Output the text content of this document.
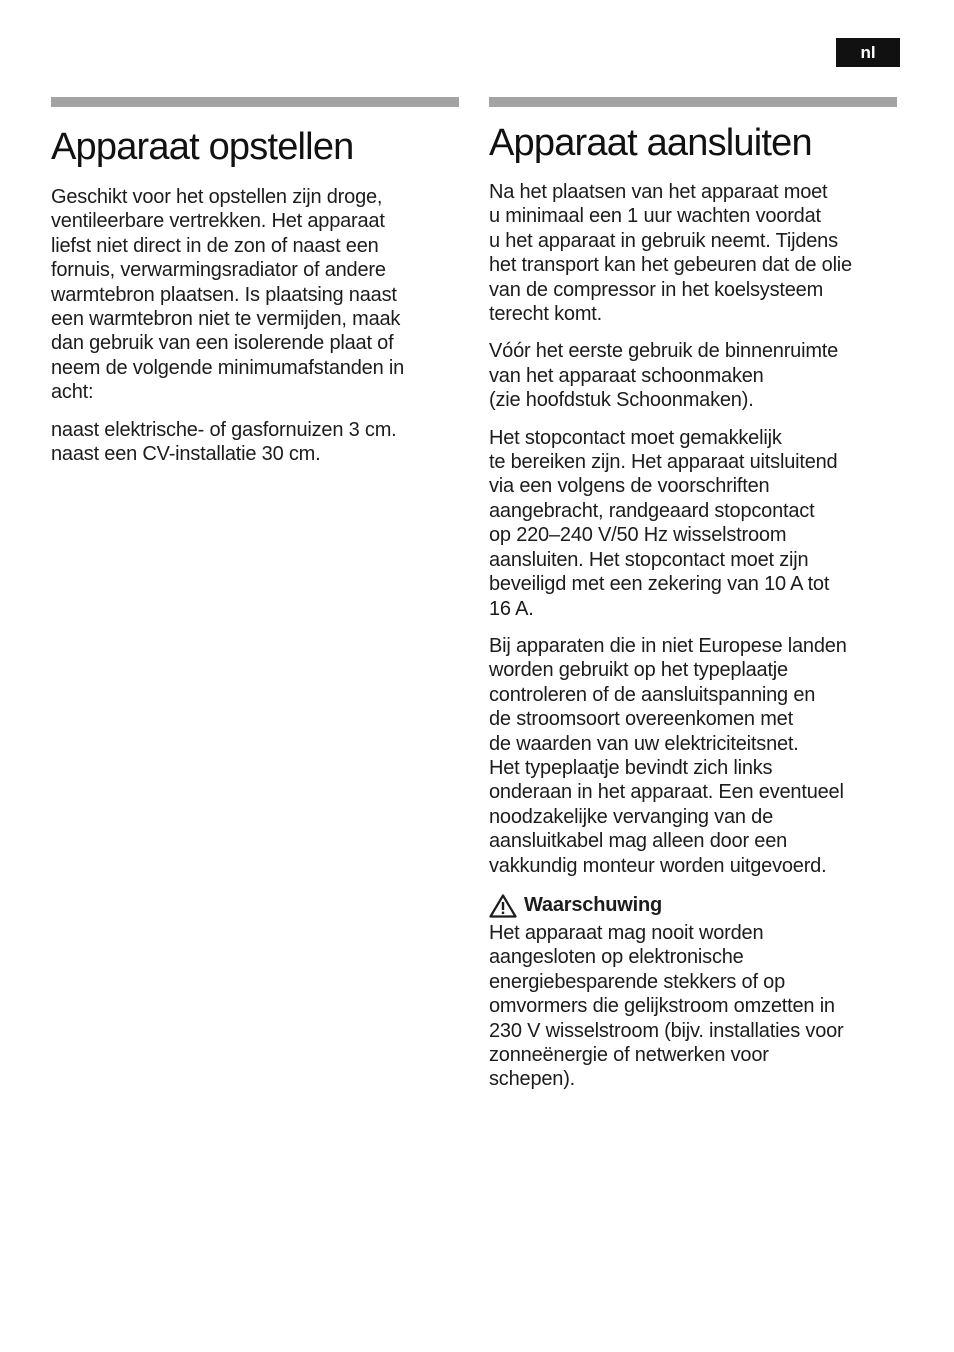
nl
Apparaat opstellen

Geschikt voor het opstellen zijn droge,
ventileerbare vertrekken. Het apparaat
liefst niet direct in de zon of naast een
fornuis, verwarmingsradiator of andere
warmtebron plaatsen. Is plaatsing naast
een warmtebron niet te vermijden, maak
dan gebruik van een isolerende plaat of
neem de volgende minimumafstanden in
acht:

naast elektrische- of gasfornuizen 3 cm.
naast een CV-installatie 30 cm.

Apparaat aansluiten

Na het plaatsen van het apparaat moet
u minimaal een 1 uur wachten voordat
u het apparaat in gebruik neemt. Tijdens
het transport kan het gebeuren dat de olie
van de compressor in het koelsysteem
terecht komt.

Vóór het eerste gebruik de binnenruimte
van het apparaat schoonmaken
(zie hoofdstuk Schoonmaken).

Het stopcontact moet gemakkelijk
te bereiken zijn. Het apparaat uitsluitend
via een volgens de voorschriften
aangebracht, randgeaard stopcontact
op 220–240 V/50 Hz wisselstroom
aansluiten. Het stopcontact moet zijn
beveiligd met een zekering van 10 A tot
16 A.

Bij apparaten die in niet Europese landen
worden gebruikt op het typeplaatje
controleren of de aansluitspanning en
de stroomsoort overeenkomen met
de waarden van uw elektriciteitsnet.
Het typeplaatje bevindt zich links
onderaan in het apparaat. Een eventueel
noodzakelijke vervanging van de
aansluitkabel mag alleen door een
vakkundig monteur worden uitgevoerd.

Waarschuwing

Het apparaat mag nooit worden
aangesloten op elektronische
energiebesparende stekkers of op
omvormers die gelijkstroom omzetten in
230 V wisselstroom (bijv. installaties voor
zonneënergie of netwerken voor
schepen).
